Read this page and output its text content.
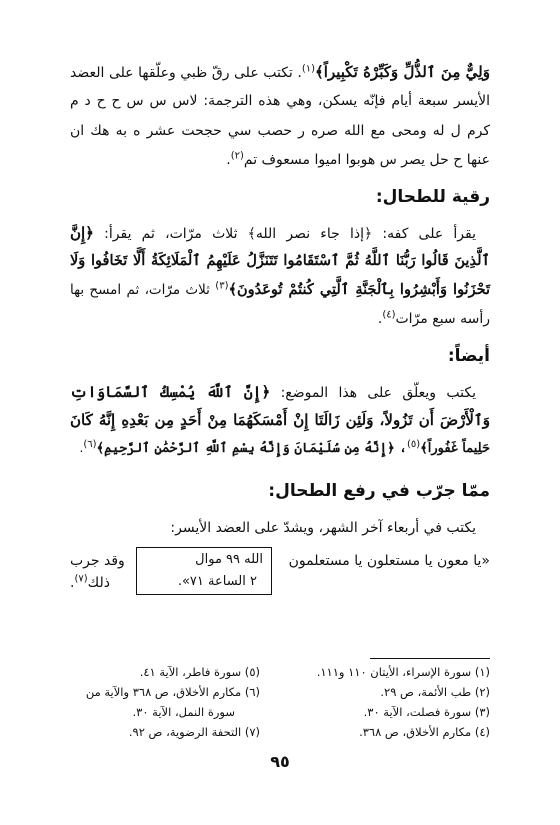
وَلِيٌّ مِنَ ٱلذُّلِّ وَكَبِّرْهُ تَكْبِيراً﴾$^{(١)}$. تكتب على رقّ ظبي وعلّقها على العضد
الأيسر سبعة أيام فإنّه يسكن، وهي هذه الترجمة: لاس س س ح ح د م
كرم ل له ومحى مع الله صره ر حصب سي حجحت عشر ه به هك ان
عنها ح حل يصر س هوبوا اميوا مسعوف تم$^{(٢)}$.
رقية للطحال:
يقرأ على كفه: ﴿إذا جاء نصر الله﴾ ثلاث مرّات، ثم يقرأ: ﴿إِنَّ
ٱلَّذِينَ قَالُوا رَبُّنَا ٱللَّهُ ثُمَّ ٱسْتَقَامُوا تَتَنَزَّلُ عَلَيْهِمُ ٱلْمَلَائِكَةُ أَلَّا تَخَافُوا وَلَا
تَحْزَنُوا وَأَبْشِرُوا بِٱلْجَنَّةِ ٱلَّتِي كُنتُمْ تُوعَدُونَ﴾$^{(٣)}$ ثلاث مرّات، ثم امسح بها
رأسه سبع مرّات$^{(٤)}$.
أيضاً:
يكتب ويعلّق على هذا الموضع: ﴿إِنَّ ٱللَّهَ يُمْسِكُ ٱلسَّمَاوَاتِ
وَٱلْأَرْضَ أَن تَزُولاً، وَلَئِن زَالَتَا إِنْ أَمْسَكَهُمَا مِنْ أَحَدٍ مِن بَعْدِهِ إِنَّهُ كَانَ
حَلِيماً غَفُوراً﴾$^{(٥)}$، ﴿إِنَّهُ مِن سُلَيْمَانَ وَإِنَّهُ بِسْمِ ٱللَّهِ ٱلرَّحْمَٰنِ ٱلرَّحِيمِ﴾$^{(٦)}$.
ممّا جرّب في رفع الطحال:
يكتب في أربعاء آخر الشهر، ويشدّ على العضد الأيسر:
«يا معون يا مستعلون يا مستعلمون
وقد جرب	الله ٩٩ موال
٢ الساعة ٧١».
ذلك$^{(٧)}$.
(١) سورة الإسراء، الأيتان ١١٠ و١١١.
(٢) طب الأئمة، ص ٢٩.
(٣) سورة فصلت، الآية ٣٠.
(٤) مكارم الأخلاق، ص ٣٦٨.
(٥) سورة فاطر، الآية ٤١.
(٦) مكارم الأخلاق، ص ٣٦٨ والآية من
سورة النمل، الآية ٣٠.
(٧) التحفة الرضوية، ص ٩٢.
٩٥
